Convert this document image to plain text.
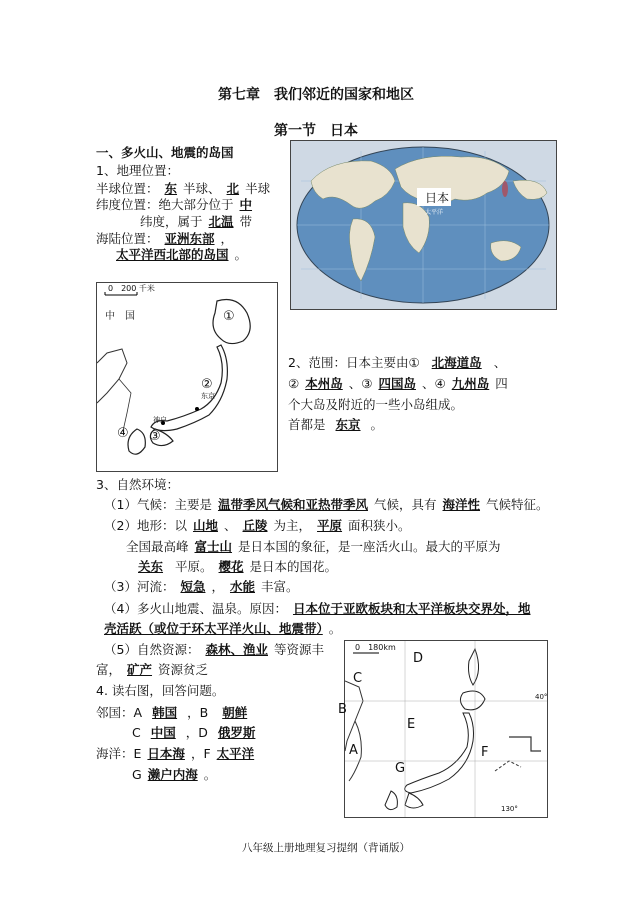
第七章　我们邻近的国家和地区
第一节　日本
一、多火山、地震的岛国
1、地理位置：
半球位置： 东 半球、 北 半球
纬度位置：绝大部分位于 中
纬度，属于 北温 带
海陆位置： 亚洲东部 ，
太平洋西北部的岛国 。
日本
太平洋
0　200 千米
中　国	①
②
东京
神户
③
④
2、范围：日本主要由① 北海道岛 、
② 本州岛 、③ 四国岛 、④ 九州岛 四
个大岛及附近的一些小岛组成。
首都是 东京 。
3、自然环境：
（1）气候：主要是 温带季风气候和亚热带季风 气候，具有 海洋性 气候特征。
（2）地形：以 山地 、 丘陵 为主， 平原 面积狭小。
全国最高峰 富士山 是日本国的象征，是一座活火山。最大的平原为
关东 平原。 樱花 是日本的国花。
（3）河流： 短急 ， 水能 丰富。
（4）多火山地震、温泉。原因： 日本位于亚欧板块和太平洋板块交界处，地
壳活跃（或位于环太平洋火山、地震带） 。
（5）自然资源： 森林、渔业 等资源丰
富， 矿产 资源贫乏
4. 读右图，回答问题。
邻国：A 韩国 ，B 朝鲜
C 中国 ，D 俄罗斯
海洋：E 日本海 ，F 太平洋
G 濑户内海 。
0　180km
40°
130°
C
D
E
A	F
G
B
八年级上册地理复习提纲（背诵版）
